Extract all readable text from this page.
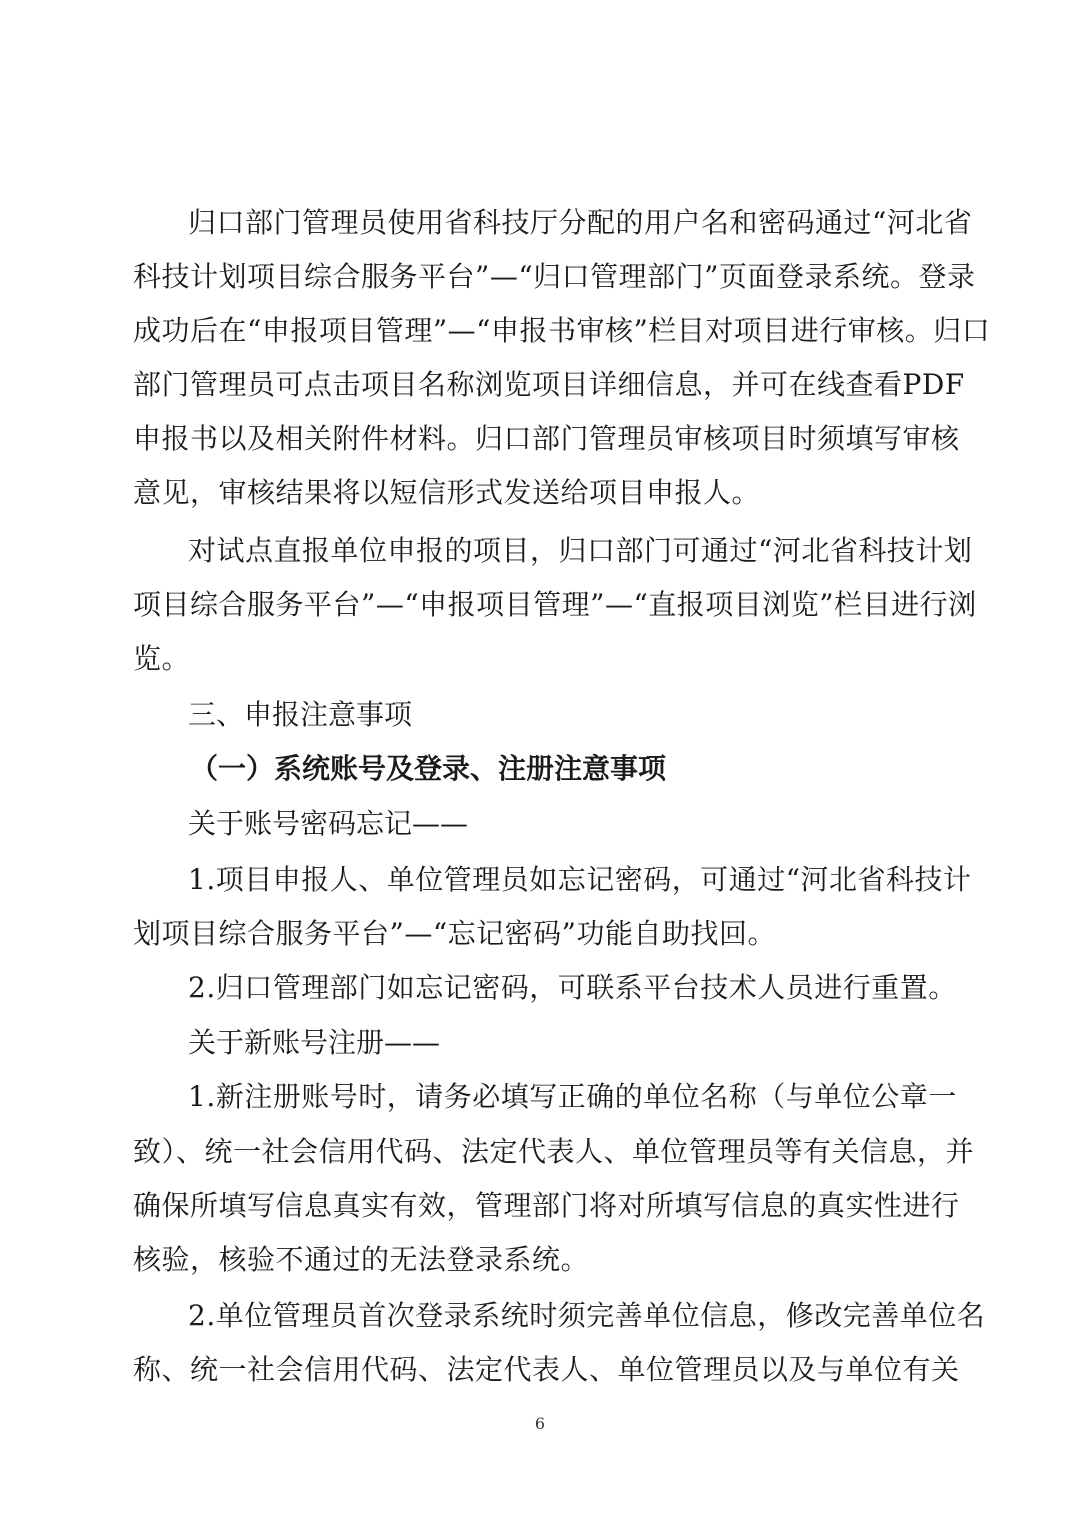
归口部门管理员使用省科技厅分配的用户名和密码通过“河北省
科技计划项目综合服务平台”—“归口管理部门”页面登录系统。登录
成功后在“申报项目管理”—“申报书审核”栏目对项目进行审核。归口
部门管理员可点击项目名称浏览项目详细信息，并可在线查看PDF
申报书以及相关附件材料。归口部门管理员审核项目时须填写审核
意见，审核结果将以短信形式发送给项目申报人。
对试点直报单位申报的项目，归口部门可通过“河北省科技计划
项目综合服务平台”—“申报项目管理”—“直报项目浏览”栏目进行浏
览。
三、申报注意事项
（一）系统账号及登录、注册注意事项
关于账号密码忘记——
1.项目申报人、单位管理员如忘记密码，可通过“河北省科技计
划项目综合服务平台”—“忘记密码”功能自助找回。
2.归口管理部门如忘记密码，可联系平台技术人员进行重置。
关于新账号注册——
1.新注册账号时，请务必填写正确的单位名称（与单位公章一
致）、统一社会信用代码、法定代表人、单位管理员等有关信息，并
确保所填写信息真实有效，管理部门将对所填写信息的真实性进行
核验，核验不通过的无法登录系统。
2.单位管理员首次登录系统时须完善单位信息，修改完善单位名
称、统一社会信用代码、法定代表人、单位管理员以及与单位有关
6
